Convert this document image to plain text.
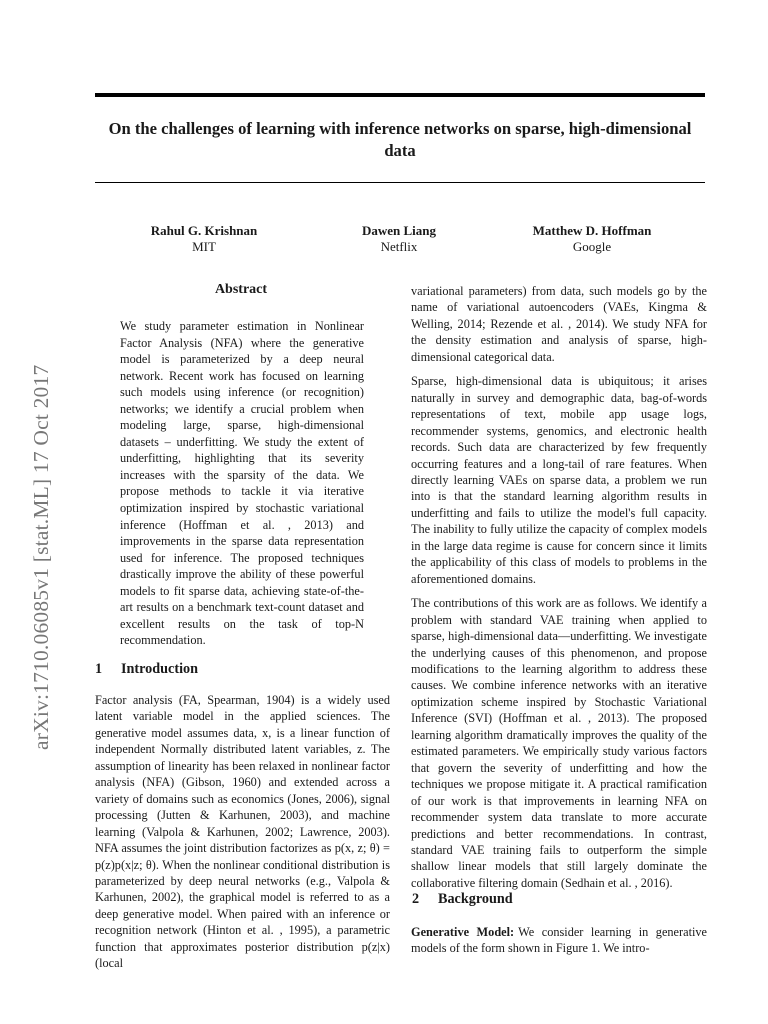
On the challenges of learning with inference networks on sparse, high-dimensional data
Rahul G. Krishnan
MIT
Dawen Liang
Netflix
Matthew D. Hoffman
Google
arXiv:1710.06085v1 [stat.ML] 17 Oct 2017
Abstract
We study parameter estimation in Nonlinear Factor Analysis (NFA) where the generative model is parameterized by a deep neural network. Recent work has focused on learning such models using inference (or recognition) networks; we identify a crucial problem when modeling large, sparse, high-dimensional datasets – underfitting. We study the extent of underfitting, highlighting that its severity increases with the sparsity of the data. We propose methods to tackle it via iterative optimization inspired by stochastic variational inference (Hoffman et al. , 2013) and improvements in the sparse data representation used for inference. The proposed techniques drastically improve the ability of these powerful models to fit sparse data, achieving state-of-the-art results on a benchmark text-count dataset and excellent results on the task of top-N recommendation.
1 Introduction
Factor analysis (FA, Spearman, 1904) is a widely used latent variable model in the applied sciences. The generative model assumes data, x, is a linear function of independent Normally distributed latent variables, z. The assumption of linearity has been relaxed in nonlinear factor analysis (NFA) (Gibson, 1960) and extended across a variety of domains such as economics (Jones, 2006), signal processing (Jutten & Karhunen, 2003), and machine learning (Valpola & Karhunen, 2002; Lawrence, 2003). NFA assumes the joint distribution factorizes as p(x, z; θ) = p(z)p(x|z; θ). When the nonlinear conditional distribution is parameterized by deep neural networks (e.g., Valpola & Karhunen, 2002), the graphical model is referred to as a deep generative model. When paired with an inference or recognition network (Hinton et al. , 1995), a parametric function that approximates posterior distribution p(z|x) (local

variational parameters) from data, such models go by the name of variational autoencoders (VAEs, Kingma & Welling, 2014; Rezende et al. , 2014). We study NFA for the density estimation and analysis of sparse, high-dimensional categorical data.

Sparse, high-dimensional data is ubiquitous; it arises naturally in survey and demographic data, bag-of-words representations of text, mobile app usage logs, recommender systems, genomics, and electronic health records. Such data are characterized by few frequently occurring features and a long-tail of rare features. When directly learning VAEs on sparse data, a problem we run into is that the standard learning algorithm results in underfitting and fails to utilize the model's full capacity. The inability to fully utilize the capacity of complex models in the large data regime is cause for concern since it limits the applicability of this class of models to problems in the aforementioned domains.

The contributions of this work are as follows. We identify a problem with standard VAE training when applied to sparse, high-dimensional data—underfitting. We investigate the underlying causes of this phenomenon, and propose modifications to the learning algorithm to address these causes. We combine inference networks with an iterative optimization scheme inspired by Stochastic Variational Inference (SVI) (Hoffman et al. , 2013). The proposed learning algorithm dramatically improves the quality of the estimated parameters. We empirically study various factors that govern the severity of underfitting and how the techniques we propose mitigate it. A practical ramification of our work is that improvements in learning NFA on recommender system data translate to more accurate predictions and better recommendations. In contrast, standard VAE training fails to outperform the simple shallow linear models that still largely dominate the collaborative filtering domain (Sedhain et al. , 2016).

2 Background
Generative Model: We consider learning in generative models of the form shown in Figure 1. We intro-
